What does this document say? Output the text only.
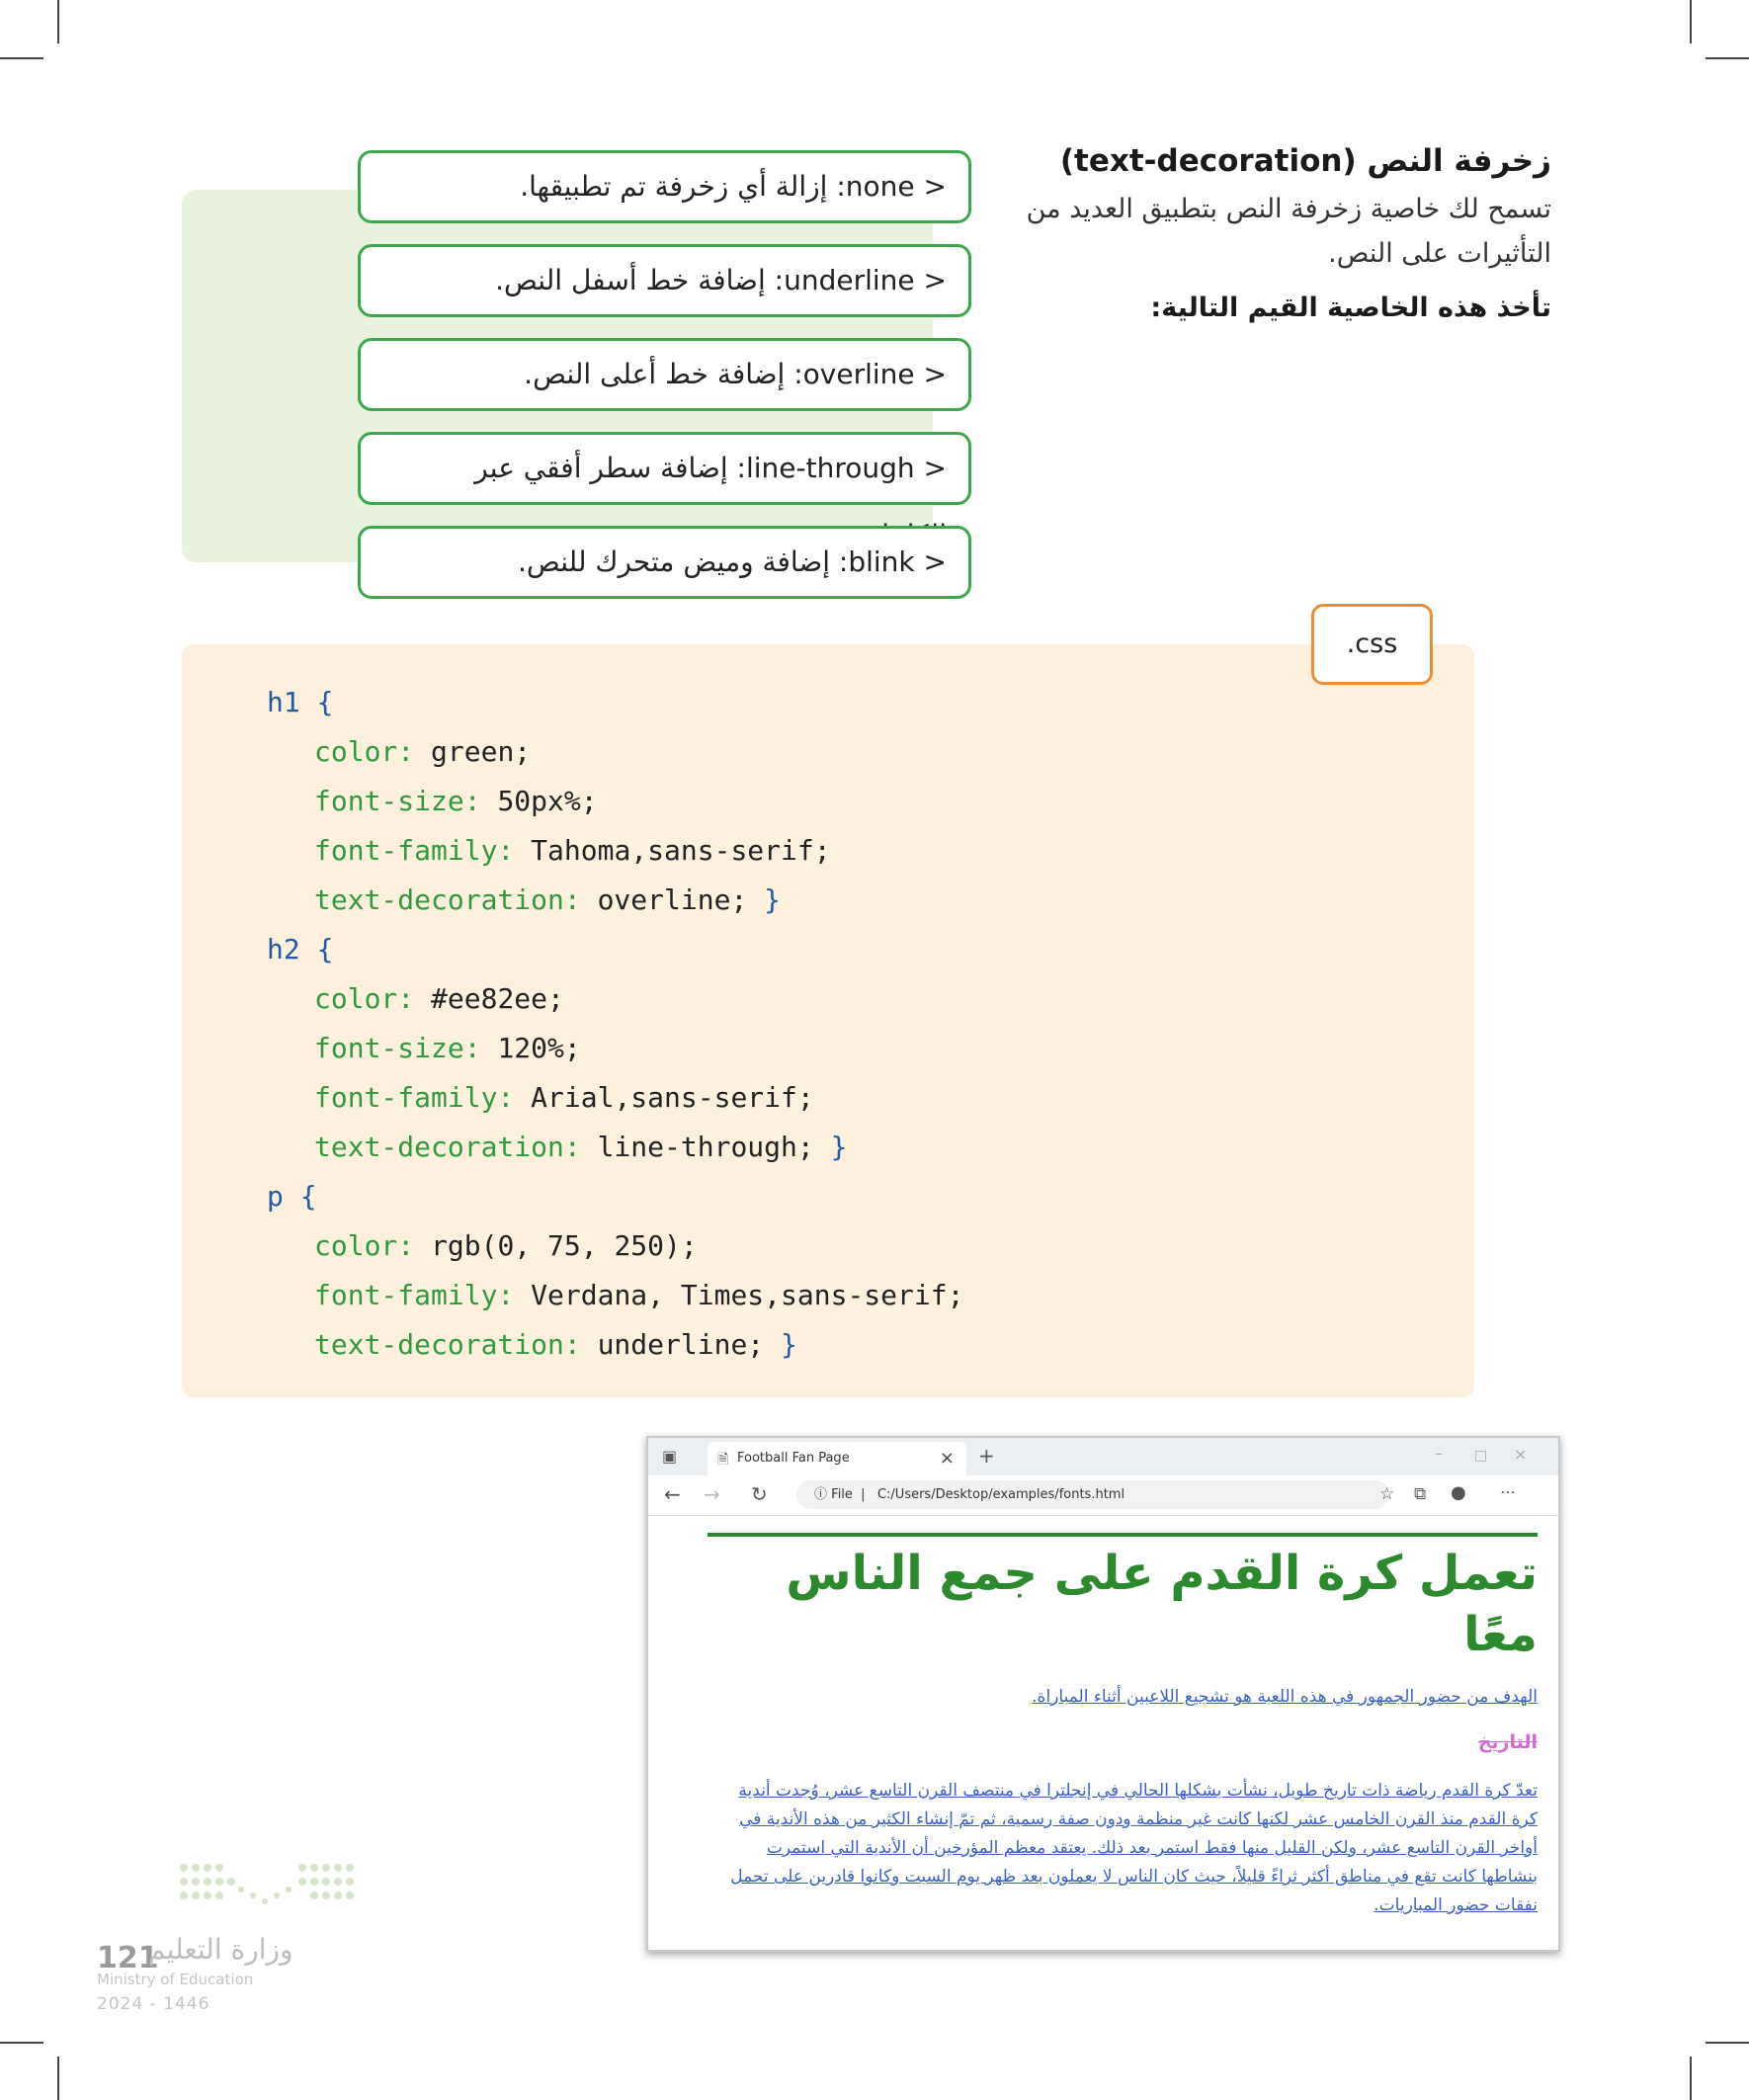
زخرفة النص (text-decoration)

تسمح لك خاصية زخرفة النص بتطبيق العديد من التأثيرات على النص.

تأخذ هذه الخاصية القيم التالية:

< none: إزالة أي زخرفة تم تطبيقها.
< underline: إضافة خط أسفل النص.
< overline: إضافة خط أعلى النص.
< line-through: إضافة سطر أفقي عبر
< blink: إضافة وميض متحرك للنص.
.css
h1 {
color: green;
font-size: 50px%;
font-family: Tahoma,sans-serif;
text-decoration: overline; }
h2 {
color: #ee82ee;
font-size: 120%;
font-family: Arial,sans-serif;
text-decoration: line-through; }
p {
color: rgb(0, 75, 250);
font-family: Verdana, Times,sans-serif;
text-decoration: underline; }
▣	🗎 Football Fan Page	× +	– □ ×
← → ↻	ⓘ File  |   C:/Users/Desktop/examples/fonts.html	☆ ⧉ ● ⋯
تعمل كرة القدم على جمع الناس معًا

الهدف من حضور الجمهور في هذه اللعبة هو تشجيع اللاعبين أثناء المباراة.

التاريخ

تعدّ كرة القدم رياضة ذات تاريخ طويل، نشأت بشكلها الحالي في إنجلترا في منتصف القرن التاسع عشر، وُجدت أندية كرة القدم منذ القرن الخامس عشر لكنها كانت غير منظمة ودون صفة رسمية، ثم تمّ إنشاء الكثير من هذه الأندية في أواخر القرن التاسع عشر، ولكن القليل منها فقط استمر بعد ذلك. يعتقد معظم المؤرخين أن الأندية التي استمرت بنشاطها كانت تقع في مناطق أكثر ثراءً قليلاً، حيث كان الناس لا يعملون بعد ظهر يوم السبت وكانوا قادرين على تحمل نفقات حضور المباريات.

121
وزارة التعليم
Ministry of Education
2024 - 1446
